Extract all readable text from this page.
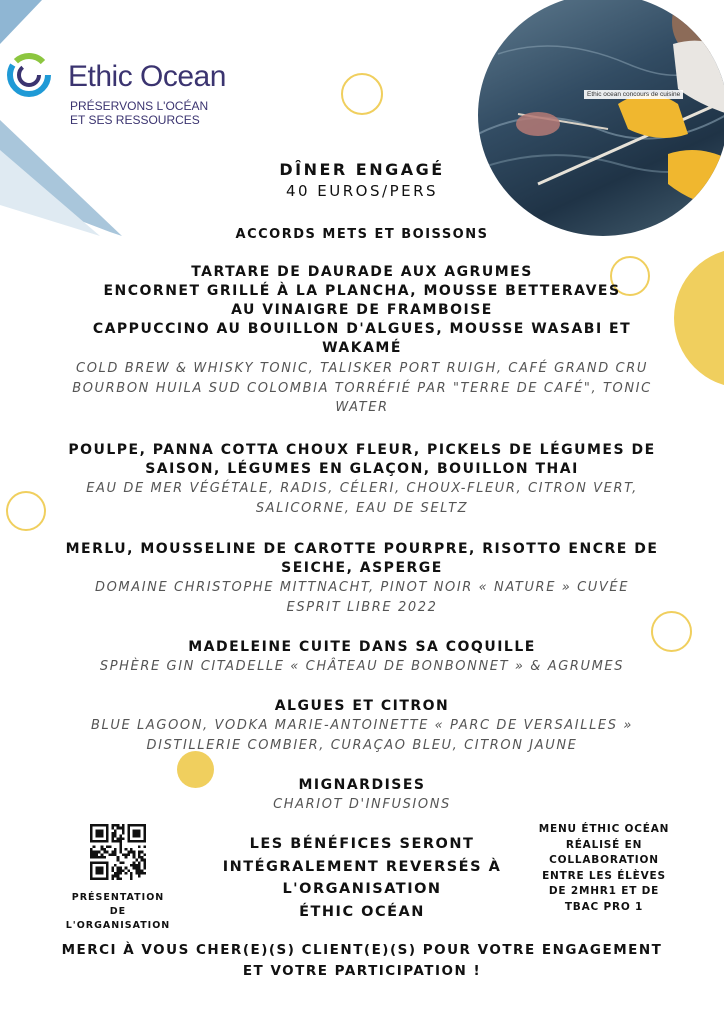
Ethic Ocean
PRÉSERVONS L'OCÉAN
ET SES RESSOURCES
Ethic ocean concours de cuisine
DÎNER ENGAGÉ
40 EUROS/PERS
ACCORDS METS ET BOISSONS
TARTARE DE DAURADE AUX AGRUMES
ENCORNET GRILLÉ À LA PLANCHA, MOUSSE BETTERAVES AU VINAIGRE DE FRAMBOISE
CAPPUCCINO AU BOUILLON D'ALGUES, MOUSSE WASABI ET WAKAMÉ
COLD BREW & WHISKY TONIC, TALISKER PORT RUIGH, CAFÉ GRAND CRU BOURBON HUILA SUD COLOMBIA TORRÉFIÉ PAR "TERRE DE CAFÉ", TONIC WATER
POULPE, PANNA COTTA CHOUX FLEUR, PICKELS DE LÉGUMES DE SAISON, LÉGUMES EN GLAÇON, BOUILLON THAI
EAU DE MER VÉGÉTALE, RADIS, CÉLERI, CHOUX-FLEUR, CITRON VERT, SALICORNE, EAU DE SELTZ
MERLU, MOUSSELINE DE CAROTTE POURPRE, RISOTTO ENCRE DE SEICHE, ASPERGE
DOMAINE CHRISTOPHE MITTNACHT, PINOT NOIR « NATURE » CUVÉE ESPRIT LIBRE 2022
MADELEINE CUITE DANS SA COQUILLE
SPHÈRE GIN CITADELLE « CHÂTEAU DE BONBONNET » & AGRUMES
ALGUES ET CITRON
BLUE LAGOON, VODKA MARIE-ANTOINETTE « PARC DE VERSAILLES » DISTILLERIE COMBIER, CURAÇAO BLEU, CITRON JAUNE
MIGNARDISES
CHARIOT D'INFUSIONS
PRÉSENTATION
DE
L'ORGANISATION
LES BÉNÉFICES SERONT
INTÉGRALEMENT REVERSÉS À
L'ORGANISATION
ÉTHIC OCÉAN
MENU ÉTHIC OCÉAN
RÉALISÉ EN
COLLABORATION
ENTRE LES ÉLÈVES
DE 2MHR1 ET DE
TBAC PRO 1
MERCI À VOUS CHER(E)(S) CLIENT(E)(S) POUR VOTRE ENGAGEMENT
ET VOTRE PARTICIPATION !
